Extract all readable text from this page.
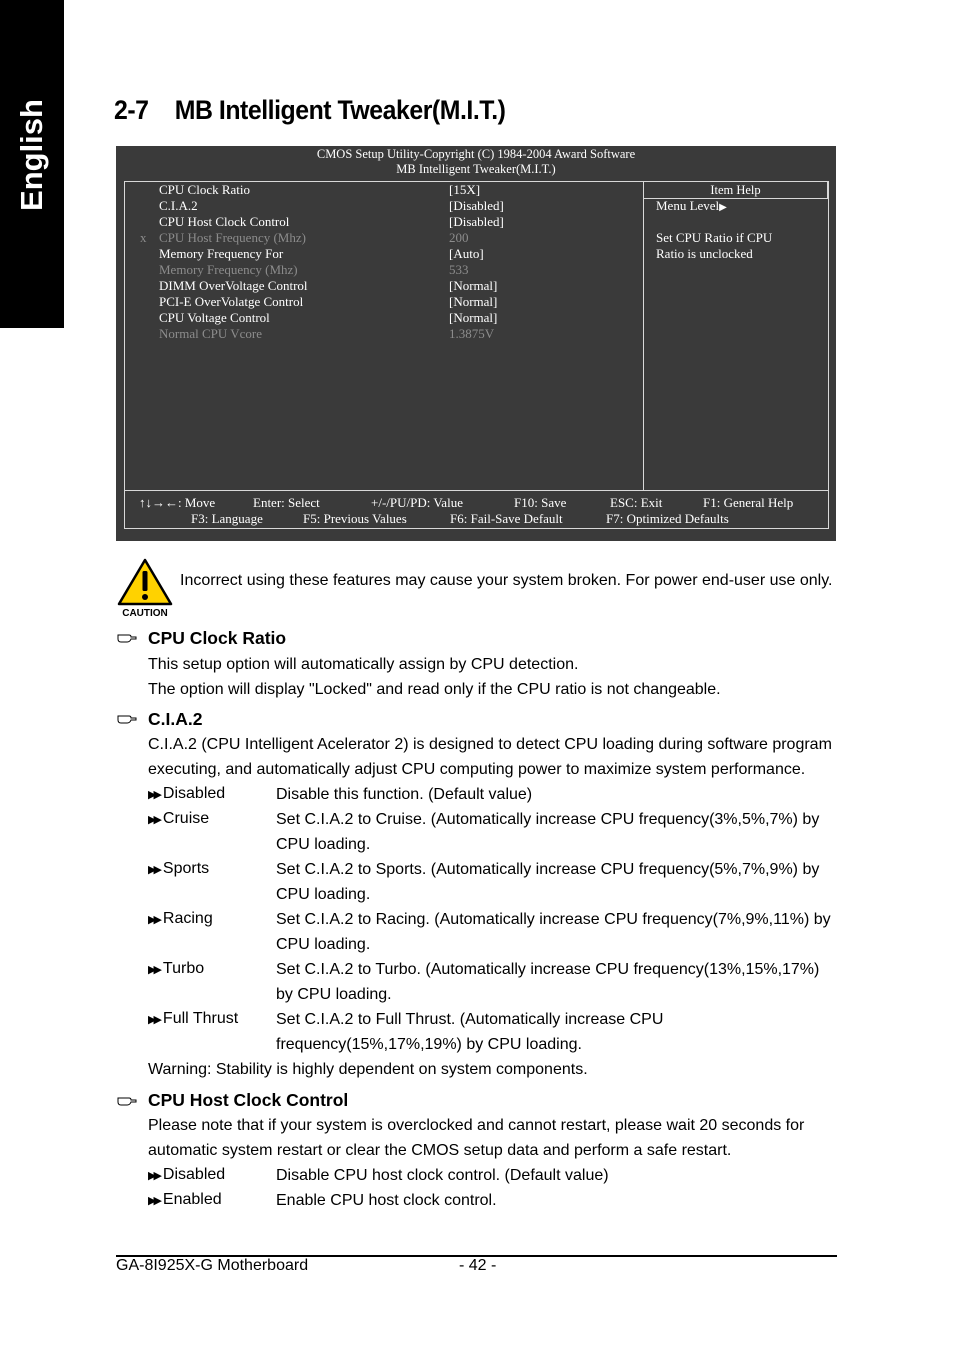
English 2-7 MB Intelligent Tweaker(M.I.T.)
CMOS Setup Utility-Copyright (C) 1984-2004 Award Software
MB Intelligent Tweaker(M.I.T.)
Item Help
CPU Clock Ratio	[15X]
C.I.A.2	[Disabled]
CPU Host Clock Control	[Disabled]
x CPU Host Frequency (Mhz)	200
Memory Frequency For	[Auto]
Memory Frequency (Mhz)	533
DIMM OverVoltage Control	[Normal]
PCI-E OverVolatge Control	[Normal]
CPU Voltage Control	[Normal]
Normal CPU Vcore	1.3875V
Menu Level▶
Set CPU Ratio if CPU
Ratio is unclocked
↑↓→←: Move	Enter: Select	+/-/PU/PD: Value	F10: Save	ESC: Exit	F1: General Help
F3: Language	F5: Previous Values	F6: Fail-Save Default	F7: Optimized Defaults
CAUTION
Incorrect using these features may cause your system broken. For power end-user use only.
CPU Clock Ratio
This setup option will automatically assign by CPU detection.
The option will display "Locked" and read only if the CPU ratio is not changeable.
C.I.A.2
C.I.A.2 (CPU Intelligent Acelerator 2) is designed to detect CPU loading during software program executing, and automatically adjust CPU computing power to maximize system performance.
▶▶ Disabled	Disable this function. (Default value)
▶▶ Cruise	Set C.I.A.2 to Cruise. (Automatically increase CPU frequency(3%,5%,7%) by CPU loading.
▶▶ Sports	Set C.I.A.2 to Sports. (Automatically increase CPU frequency(5%,7%,9%) by CPU loading.
▶▶ Racing	Set C.I.A.2 to Racing. (Automatically increase CPU frequency(7%,9%,11%) by CPU loading.
▶▶ Turbo	Set C.I.A.2 to Turbo. (Automatically increase CPU frequency(13%,15%,17%) by CPU loading.
▶▶ Full Thrust Set C.I.A.2 to Full Thrust. (Automatically increase CPU frequency(15%,17%,19%) by CPU loading.
Warning: Stability is highly dependent on system components.
CPU Host Clock Control
Please note that if your system is overclocked and cannot restart, please wait 20 seconds for automatic system restart or clear the CMOS setup data and perform a safe restart.
▶▶ Disabled	Disable CPU host clock control. (Default value)
▶▶ Enabled	Enable CPU host clock control.
GA-8I925X-G Motherboard	- 42 -
